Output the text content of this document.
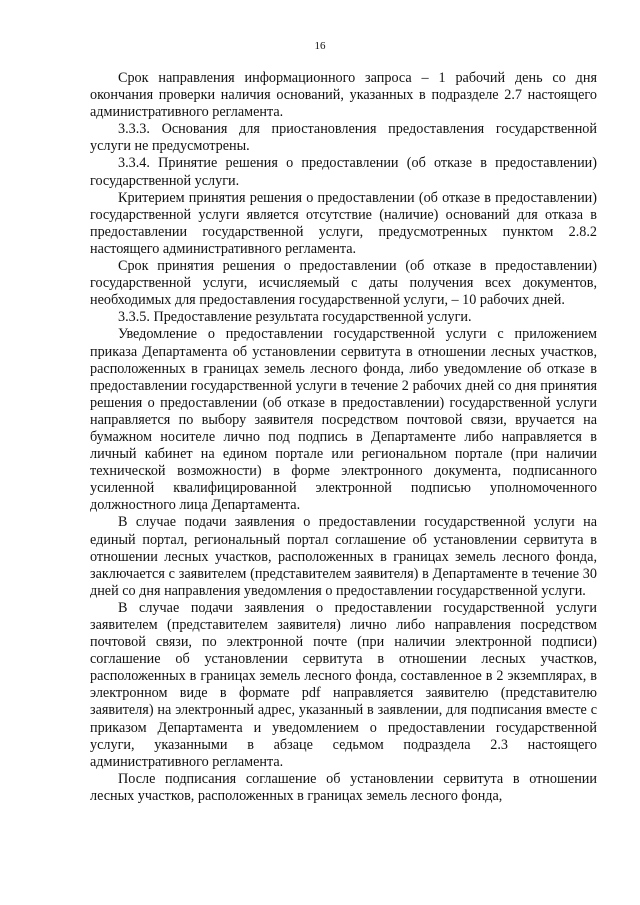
16

Срок направления информационного запроса – 1 рабочий день со дня окончания проверки наличия оснований, указанных в подразделе 2.7 настоящего административного регламента.

3.3.3. Основания для приостановления предоставления государственной услуги не предусмотрены.

3.3.4. Принятие решения о предоставлении (об отказе в предоставлении) государственной услуги.

Критерием принятия решения о предоставлении (об отказе в предоставлении) государственной услуги является отсутствие (наличие) оснований для отказа в предоставлении государственной услуги, предусмотренных пунктом 2.8.2 настоящего административного регламента.

Срок принятия решения о предоставлении (об отказе в предоставлении) государственной услуги, исчисляемый с даты получения всех документов, необходимых для предоставления государственной услуги, – 10 рабочих дней.

3.3.5. Предоставление результата государственной услуги.

Уведомление о предоставлении государственной услуги с приложением приказа Департамента об установлении сервитута в отношении лесных участков, расположенных в границах земель лесного фонда, либо уведомление об отказе в предоставлении государственной услуги в течение 2 рабочих дней со дня принятия решения о предоставлении (об отказе в предоставлении) государственной услуги направляется по выбору заявителя посредством почтовой связи, вручается на бумажном носителе лично под подпись в Департаменте либо направляется в личный кабинет на едином портале или региональном портале (при наличии технической возможности) в форме электронного документа, подписанного усиленной квалифицированной электронной подписью уполномоченного должностного лица Департамента.

В случае подачи заявления о предоставлении государственной услуги на единый портал, региональный портал соглашение об установлении сервитута в отношении лесных участков, расположенных в границах земель лесного фонда, заключается с заявителем (представителем заявителя) в Департаменте в течение 30 дней со дня направления уведомления о предоставлении государственной услуги.

В случае подачи заявления о предоставлении государственной услуги заявителем (представителем заявителя) лично либо направления посредством почтовой связи, по электронной почте (при наличии электронной подписи) соглашение об установлении сервитута в отношении лесных участков, расположенных в границах земель лесного фонда, составленное в 2 экземплярах, в электронном виде в формате pdf направляется заявителю (представителю заявителя) на электронный адрес, указанный в заявлении, для подписания вместе с приказом Департамента и уведомлением о предоставлении государственной услуги, указанными в абзаце седьмом подраздела 2.3 настоящего административного регламента.

После подписания соглашение об установлении сервитута в отношении лесных участков, расположенных в границах земель лесного фонда,
